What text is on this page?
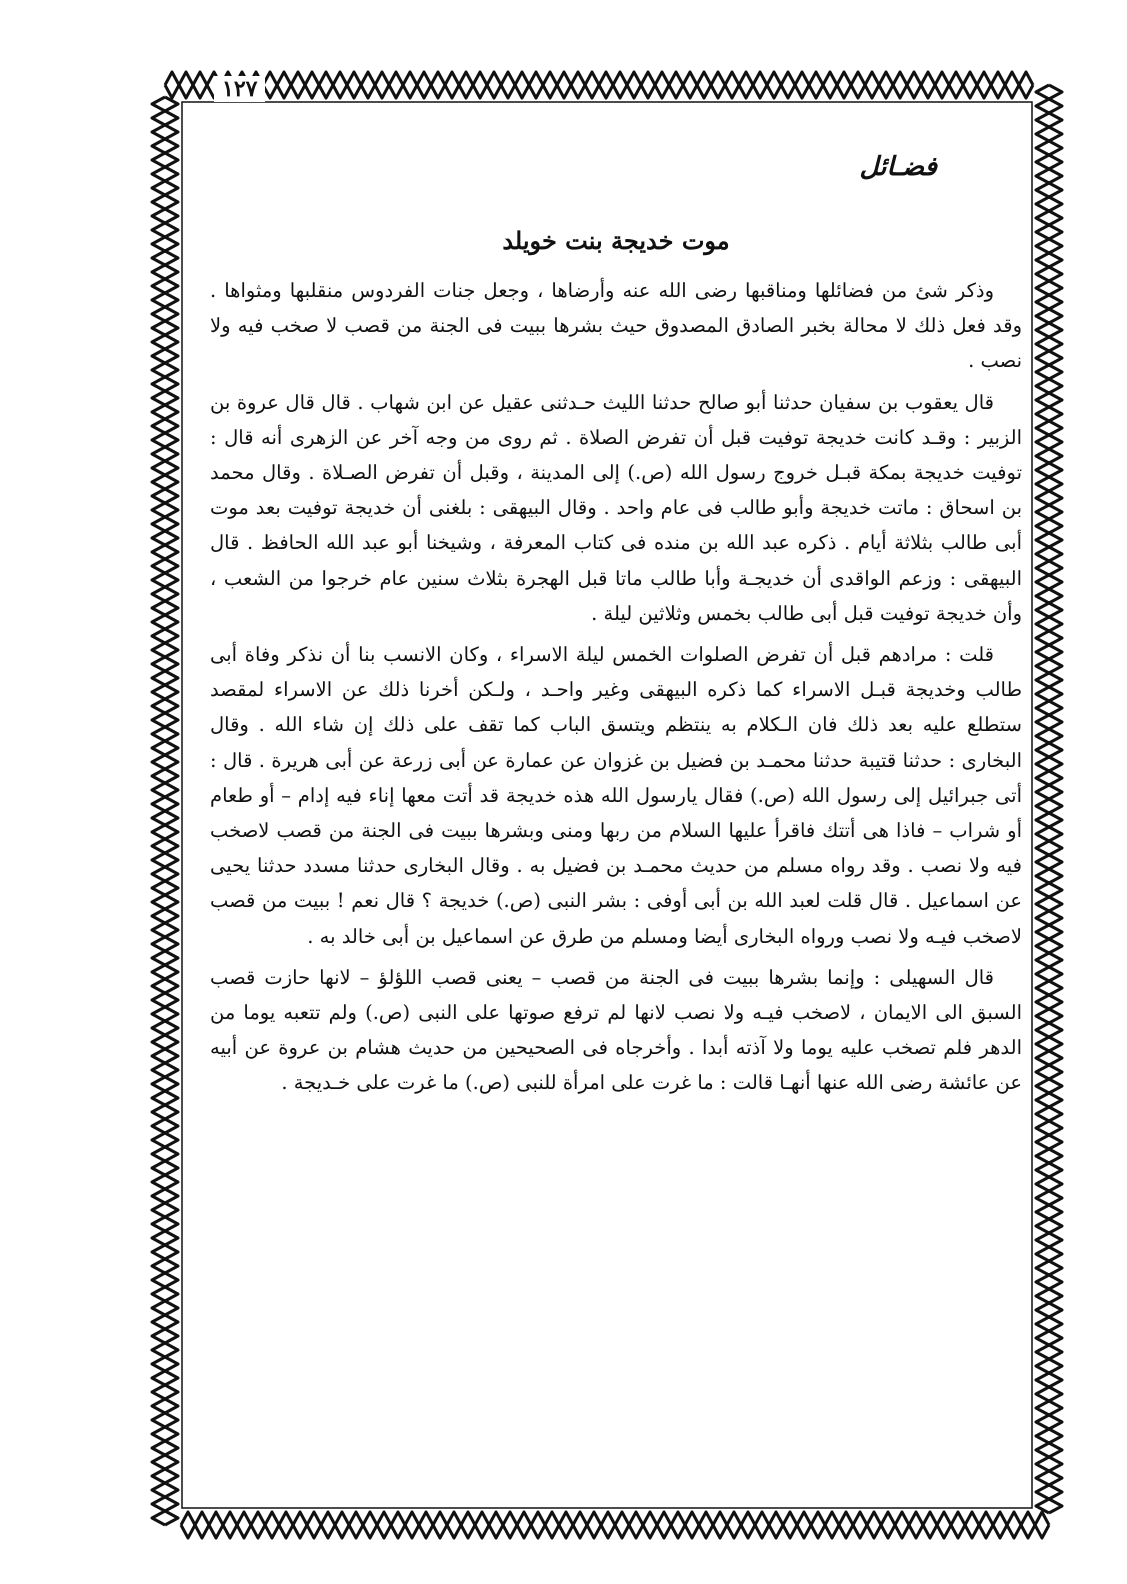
١٢٧
فضـائل
موت خديجة بنت خويلد

وذكر شئ من فضائلها ومناقبها رضى الله عنه وأرضاها ، وجعل جنات الفردوس منقلبها ومثواها . وقد فعل ذلك لا محالة بخبر الصادق المصدوق حيث بشرها ببيت فى الجنة من قصب لا صخب فيه ولا نصب .

قال يعقوب بن سفيان حدثنا أبو صالح حدثنا الليث حـدثنى عقيل عن ابن شهاب . قال قال عروة بن الزبير : وقـد كانت خديجة توفيت قبل أن تفرض الصلاة . ثم روى من وجه آخر عن الزهرى أنه قال : توفيت خديجة بمكة قبـل خروج رسول الله (ص.) إلى المدينة ، وقبل أن تفرض الصـلاة . وقال محمد بن اسحاق : ماتت خديجة وأبو طالب فى عام واحد . وقال البيهقى : بلغنى أن خديجة توفيت بعد موت أبى طالب بثلاثة أيام . ذكره عبد الله بن منده فى كتاب المعرفة ، وشيخنا أبو عبد الله الحافظ . قال البيهقى : وزعم الواقدى أن خديجـة وأبا طالب ماتا قبل الهجرة بثلاث سنين عام خرجوا من الشعب ، وأن خديجة توفيت قبل أبى طالب بخمس وثلاثين ليلة .

قلت : مرادهم قبل أن تفرض الصلوات الخمس ليلة الاسراء ، وكان الانسب بنا أن نذكر وفاة أبى طالب وخديجة قبـل الاسراء كما ذكره البيهقى وغير واحـد ، ولـكن أخرنا ذلك عن الاسراء لمقصد ستطلع عليه بعد ذلك فان الـكلام به ينتظم ويتسق الباب كما تقف على ذلك إن شاء الله . وقال البخارى : حدثنا قتيبة حدثنا محمـد بن فضيل بن غزوان عن عمارة عن أبى زرعة عن أبى هريرة . قال : أتى جبرائيل إلى رسول الله (ص.) فقال يارسول الله هذه خديجة قد أتت معها إناء فيه إدام – أو طعام أو شراب – فاذا هى أتتك فاقرأ عليها السلام من ربها ومنى وبشرها ببيت فى الجنة من قصب لاصخب فيه ولا نصب . وقد رواه مسلم من حديث محمـد بن فضيل به . وقال البخارى حدثنا مسدد حدثنا يحيى عن اسماعيل . قال قلت لعبد الله بن أبى أوفى : بشر النبى (ص.) خديجة ؟ قال نعم ! ببيت من قصب لاصخب فيـه ولا نصب ورواه البخارى أيضا ومسلم من طرق عن اسماعيل بن أبى خالد به .

قال السهيلى : وإنما بشرها ببيت فى الجنة من قصب – يعنى قصب اللؤلؤ – لانها حازت قصب السبق الى الايمان ، لاصخب فيـه ولا نصب لانها لم ترفع صوتها على النبى (ص.) ولم تتعبه يوما من الدهر فلم تصخب عليه يوما ولا آذته أبدا . وأخرجاه فى الصحيحين من حديث هشام بن عروة عن أبيه عن عائشة رضى الله عنها أنهـا قالت : ما غرت على امرأة للنبى (ص.) ما غرت على خـديجة .
